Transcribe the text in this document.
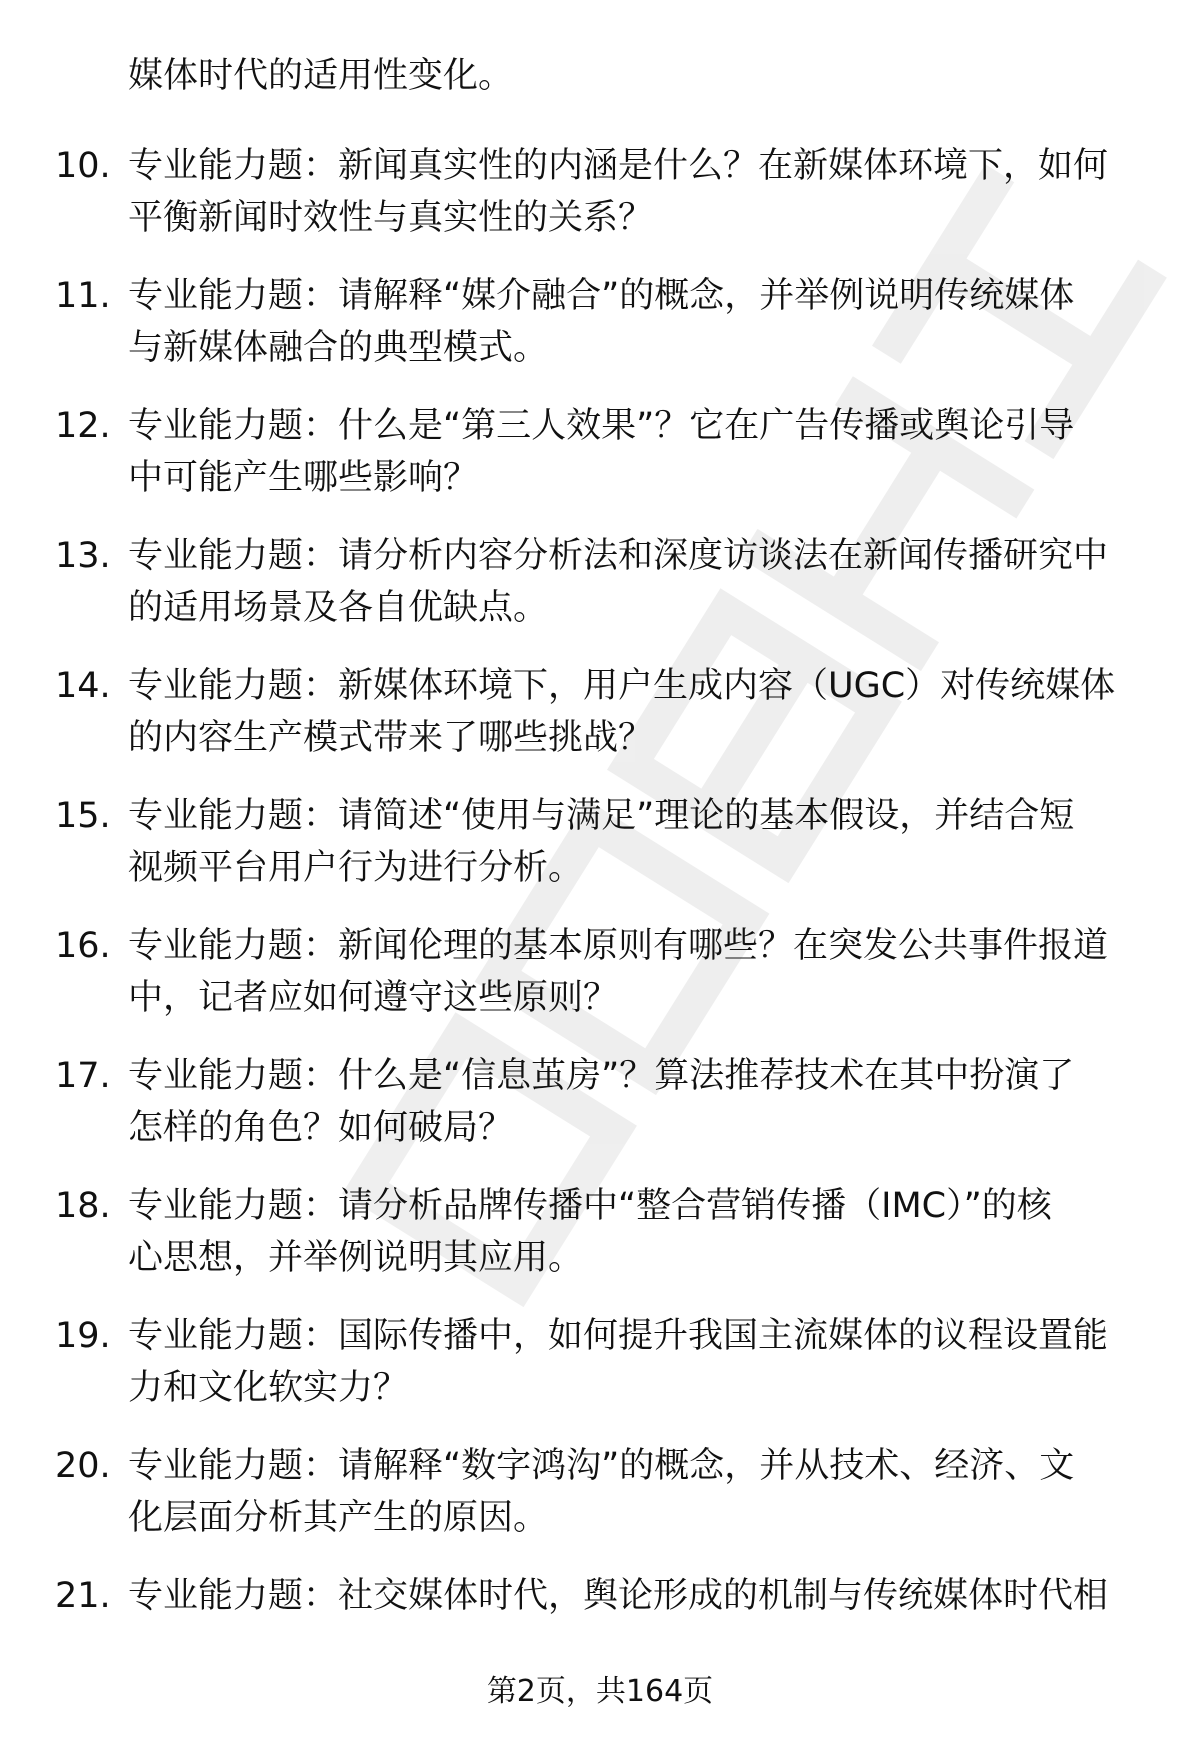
媒体时代的适用性变化。
10. 专业能力题：新闻真实性的内涵是什么？在新媒体环境下，如何
平衡新闻时效性与真实性的关系？
11. 专业能力题：请解释“媒介融合”的概念，并举例说明传统媒体
与新媒体融合的典型模式。
12. 专业能力题：什么是“第三人效果”？它在广告传播或舆论引导
中可能产生哪些影响？
13. 专业能力题：请分析内容分析法和深度访谈法在新闻传播研究中
的适用场景及各自优缺点。
14. 专业能力题：新媒体环境下，用户生成内容（UGC）对传统媒体
的内容生产模式带来了哪些挑战？
15. 专业能力题：请简述“使用与满足”理论的基本假设，并结合短
视频平台用户行为进行分析。
16. 专业能力题：新闻伦理的基本原则有哪些？在突发公共事件报道
中，记者应如何遵守这些原则？
17. 专业能力题：什么是“信息茧房”？算法推荐技术在其中扮演了
怎样的角色？如何破局？
18. 专业能力题：请分析品牌传播中“整合营销传播（IMC）”的核
心思想，并举例说明其应用。
19. 专业能力题：国际传播中，如何提升我国主流媒体的议程设置能
力和文化软实力？
20. 专业能力题：请解释“数字鸿沟”的概念，并从技术、经济、文
化层面分析其产生的原因。
21. 专业能力题：社交媒体时代，舆论形成的机制与传统媒体时代相
第2页，共164页
